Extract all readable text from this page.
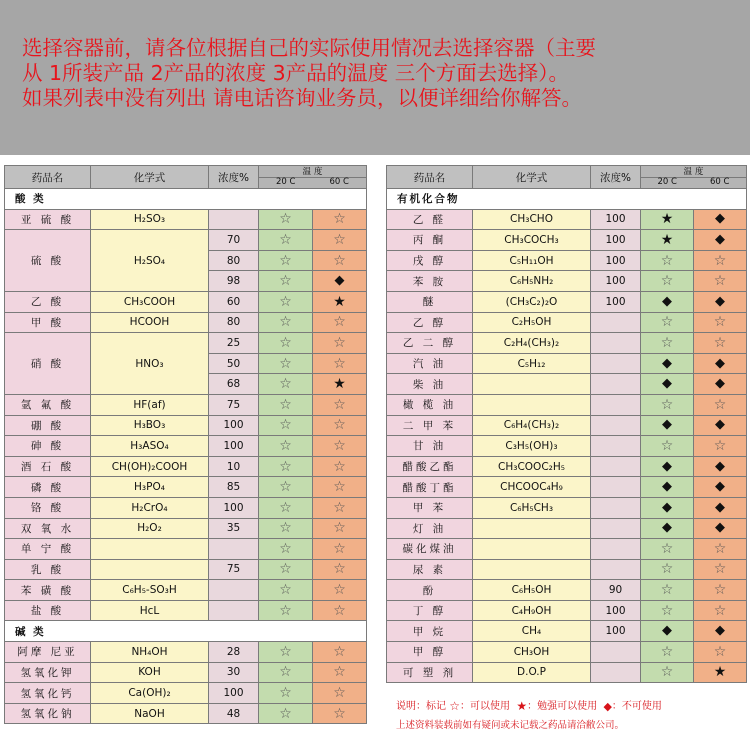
选择容器前，请各位根据自己的实际使用情况去选择容器（主要
从 1所装产品 2产品的浓度 3产品的温度 三个方面去选择）。
如果列表中没有列出 请电话咨询业务员，以便详细给你解答。
药品名	化学式	浓度%	温 度
20 C 60 C	
酸 类				
亚 硫 酸	H₂SO₃		☆	☆
硫 酸	H₂SO₄	70	☆	☆
		80	☆	☆
		98	☆	◆
乙 酸	CH₃COOH	60	☆	★
甲 酸	HCOOH	80	☆	☆
硝 酸	HNO₃	25	☆	☆
		50	☆	☆
		68	☆	★
氩 氟 酸	HF(af)	75	☆	☆
硼 酸	H₃BO₃	100	☆	☆
砷 酸	H₃ASO₄	100	☆	☆
酒 石 酸	CH(OH)₂COOH	10	☆	☆
磷 酸	H₃PO₄	85	☆	☆
铬 酸	H₂CrO₄	100	☆	☆
双 氧 水	H₂O₂	35	☆	☆
单 宁 酸			☆	☆
乳 酸		75	☆	☆
苯 磺 酸	C₆H₅-SO₃H		☆	☆
盐 酸	HcL		☆	☆
碱 类				
阿摩 尼亚	NH₄OH	28	☆	☆
氢氧化钾	KOH	30	☆	☆
氢氧化钙	Ca(OH)₂	100	☆	☆
氢氧化钠	NaOH	48	☆	☆
药品名	化学式	浓度%	温 度
20 C 60 C	
有机化合物				
乙 醛	CH₃CHO	100	★	◆
丙 酮	CH₃COCH₃	100	★	◆
戌 醇	C₅H₁₁OH	100	☆	☆
苯 胺	C₆H₅NH₂	100	☆	☆
醚	(CH₃C₂)₂O	100	◆	◆
乙 醇	C₂H₅OH		☆	☆
乙 二 醇	C₂H₄(CH₃)₂		☆	☆
汽 油	C₅H₁₂		◆	◆
柴 油			◆	◆
橄 榄 油			☆	☆
二 甲 苯	C₆H₄(CH₃)₂		◆	◆
甘 油	C₃H₅(OH)₃		☆	☆
醋酸乙酯	CH₃COOC₂H₅		◆	◆
醋酸丁酯	CHCOOC₄H₉		◆	◆
甲 苯	C₆H₅CH₃		◆	◆
灯 油			◆	◆
碳化煤油			☆	☆
尿 素			☆	☆
酚	C₆H₅OH	90	☆	☆
丁 醇	C₄H₉OH	100	☆	☆
甲 烷	CH₄	100	◆	◆
甲 醇	CH₃OH		☆	☆
可 塑 剂	D.O.P		☆	★
说明：标记 ☆：可以使用 ★：勉强可以使用 ◆：不可使用
上述资料装载前如有疑问或未记载之药品请洽敝公司。
